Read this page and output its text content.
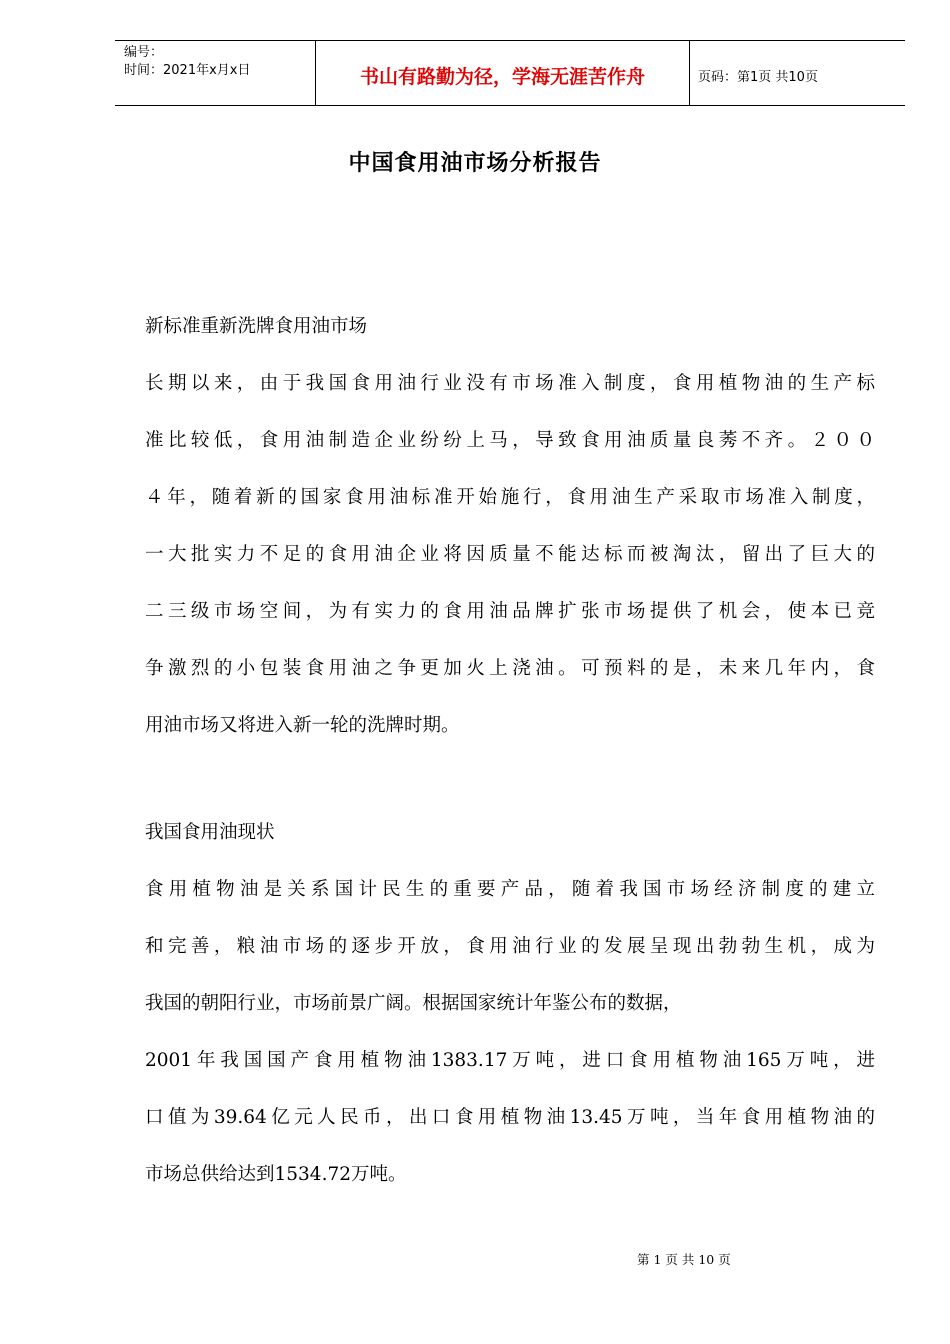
编号：
时间：2021年x月x日	书山有路勤为径，学海无涯苦作舟	页码：第1页 共10页
中国食用油市场分析报告
新标准重新洗牌食用油市场
长期以来，由于我国食用油行业没有市场准入制度，食用植物油的生产标
准比较低，食用油制造企业纷纷上马，导致食用油质量良莠不齐。２００
４年，随着新的国家食用油标准开始施行，食用油生产采取市场准入制度，
一大批实力不足的食用油企业将因质量不能达标而被淘汰，留出了巨大的
二三级市场空间，为有实力的食用油品牌扩张市场提供了机会，使本已竞
争激烈的小包装食用油之争更加火上浇油。可预料的是，未来几年内，食
用油市场又将进入新一轮的洗牌时期。
我国食用油现状
食用植物油是关系国计民生的重要产品，随着我国市场经济制度的建立
和完善，粮油市场的逐步开放，食用油行业的发展呈现出勃勃生机，成为
我国的朝阳行业，市场前景广阔。根据国家统计年鉴公布的数据，
2001年我国国产食用植物油1383.17万吨，进口食用植物油165万吨，进
口值为39.64亿元人民币，出口食用植物油13.45万吨，当年食用植物油的
市场总供给达到1534.72万吨。
第 1 页 共 10 页
